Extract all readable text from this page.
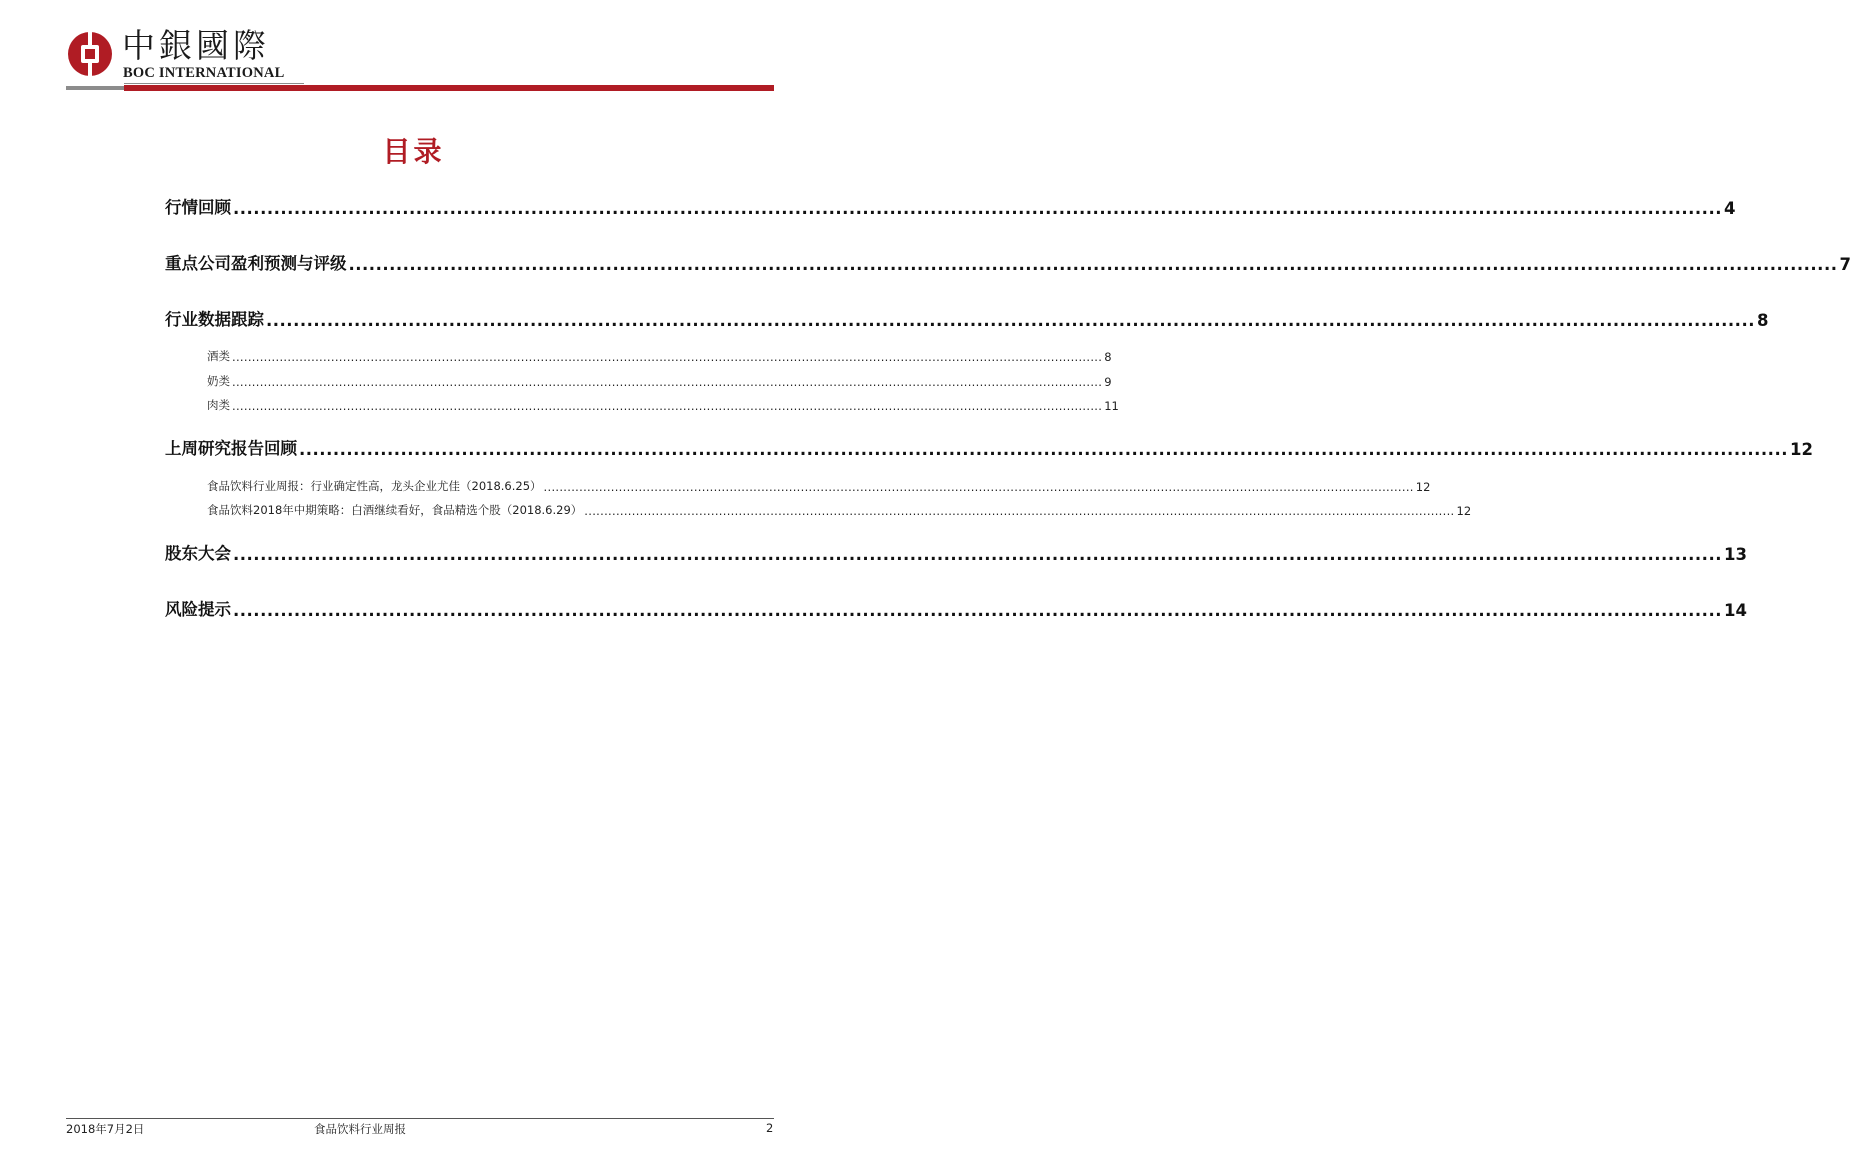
中銀國際
BOC INTERNATIONAL
目录
行情回顾 ............................................................................................................................................................................................................................ 4
重点公司盈利预测与评级 ............................................................................................................................................................................................................................ 7
行业数据跟踪 ............................................................................................................................................................................................................................ 8
酒类 ............................................................................................................................................................................................................................ 8
奶类 ............................................................................................................................................................................................................................ 9
肉类 ............................................................................................................................................................................................................................ 11
上周研究报告回顾 ............................................................................................................................................................................................................................ 12
食品饮料行业周报：行业确定性高，龙头企业尤佳（2018.6.25） ............................................................................................................................................................................................................................ 12
食品饮料2018年中期策略：白酒继续看好，食品精选个股（2018.6.29） ............................................................................................................................................................................................................................ 12
股东大会 ............................................................................................................................................................................................................................ 13
风险提示 ............................................................................................................................................................................................................................ 14
2018年7月2日	食品饮料行业周报	2
